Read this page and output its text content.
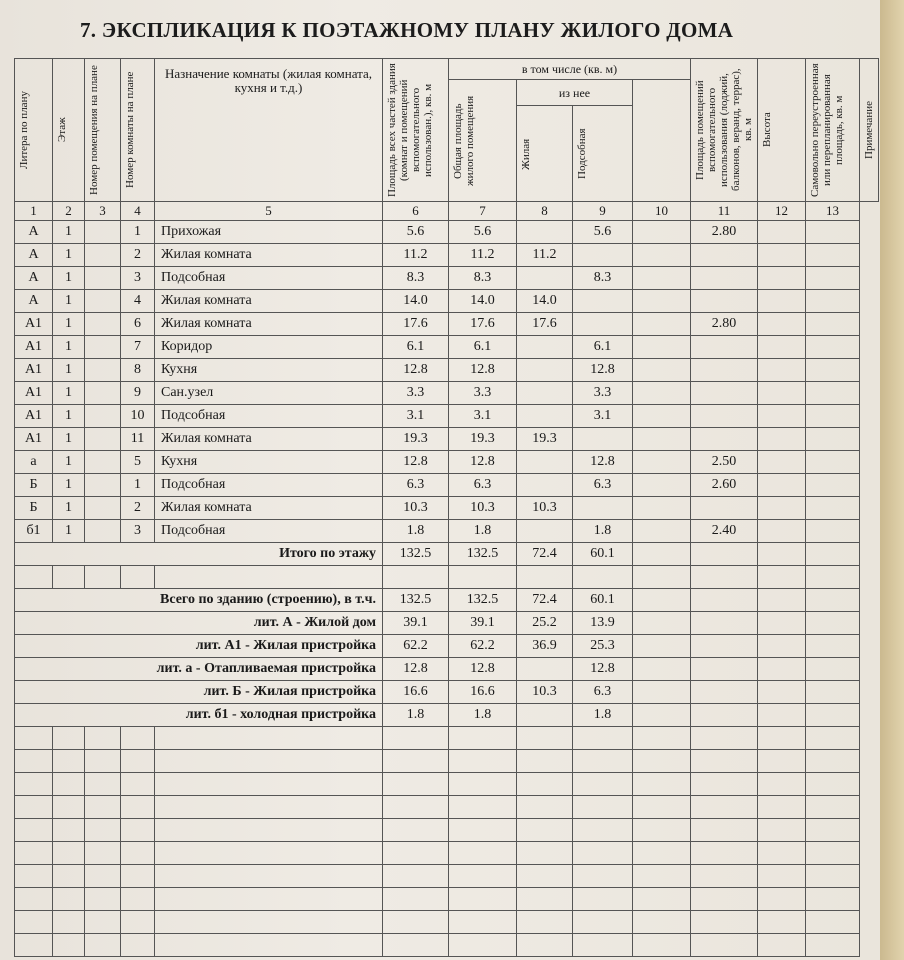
7. ЭКСПЛИКАЦИЯ К ПОЭТАЖНОМУ ПЛАНУ ЖИЛОГО ДОМА
Литера по плану	Этаж	Номер помещения на плане	Номер комнаты на плане	Назначение комнаты (жилая комната, кухня и т.д.)	Площадь всех частей здания (комнат и помещений вспомогательного использован.), кв. м	в том числе (кв. м)				Площадь помещений вспомогательного использования (лоджий, балконов, веранд, террас), кв. м	Высота	Самовольно переустроенная или перепланированная площадь, кв. м	Примечание

						Общая площадь жилого помещения	из нее						

							Жилая	Подсобная					

1	2	3	4	5	6	7	8	9	10	11	12	13	
А	1		1	Прихожая	5.6	5.6		5.6		2.80			
А	1		2	Жилая комната	11.2	11.2	11.2						
А	1		3	Подсобная	8.3	8.3		8.3					
А	1		4	Жилая комната	14.0	14.0	14.0						
А1	1		6	Жилая комната	17.6	17.6	17.6			2.80			
А1	1		7	Коридор	6.1	6.1		6.1					
А1	1		8	Кухня	12.8	12.8		12.8					
А1	1		9	Сан.узел	3.3	3.3		3.3					
А1	1		10	Подсобная	3.1	3.1		3.1					
А1	1		11	Жилая комната	19.3	19.3	19.3						
а	1		5	Кухня	12.8	12.8		12.8		2.50			
Б	1		1	Подсобная	6.3	6.3		6.3		2.60			
Б	1		2	Жилая комната	10.3	10.3	10.3						
б1	1		3	Подсобная	1.8	1.8		1.8		2.40			
Итого по этажу					132.5	132.5	72.4	60.1					

Всего по зданию (строению), в т.ч.					132.5	132.5	72.4	60.1					
лит. А - Жилой дом					39.1	39.1	25.2	13.9					
лит. А1 - Жилая пристройка					62.2	62.2	36.9	25.3					
лит. а - Отапливаемая пристройка					12.8	12.8		12.8					
лит. Б - Жилая пристройка					16.6	16.6	10.3	6.3					
лит. б1 - холодная пристройка					1.8	1.8		1.8					
